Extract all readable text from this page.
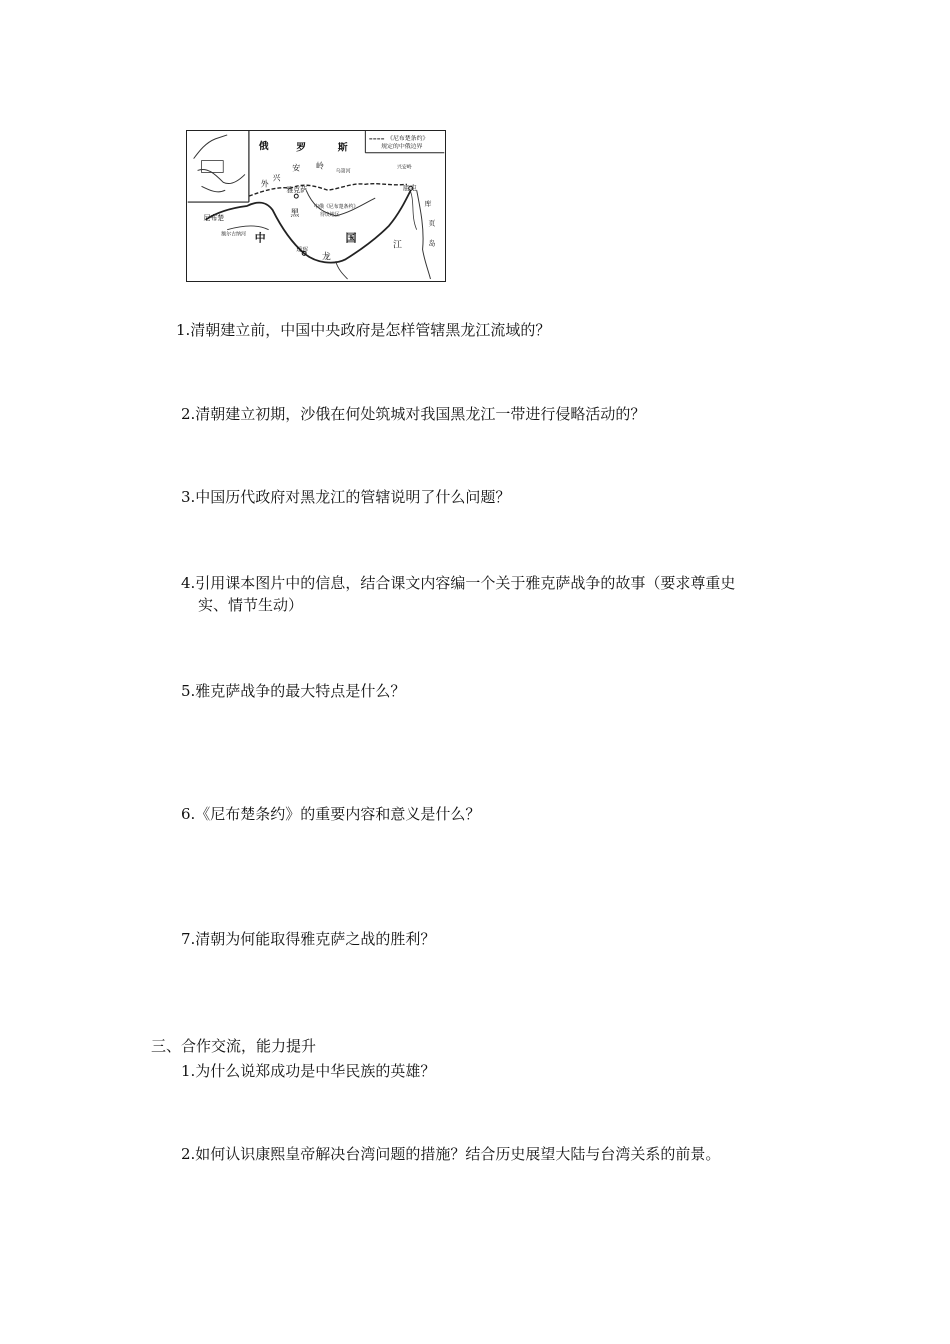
《尼布楚条约》
规定的中俄边界
俄	罗	斯
外
兴
安 岭
雅克萨
尼布楚
庙屯
乌第河
兴安岭
中俄《尼布楚条约》
待议地区
中	国
黑
龙
江
瑷珲
库
页
岛
额尔古纳河
1.清朝建立前，中国中央政府是怎样管辖黑龙江流域的？
2.清朝建立初期，沙俄在何处筑城对我国黑龙江一带进行侵略活动的？
3.中国历代政府对黑龙江的管辖说明了什么问题？
4.引用课本图片中的信息，结合课文内容编一个关于雅克萨战争的故事（要求尊重史
实、情节生动）
5.雅克萨战争的最大特点是什么？
6.《尼布楚条约》的重要内容和意义是什么？
7.清朝为何能取得雅克萨之战的胜利？
三、合作交流，能力提升
1.为什么说郑成功是中华民族的英雄？
2.如何认识康熙皇帝解决台湾问题的措施？结合历史展望大陆与台湾关系的前景。
